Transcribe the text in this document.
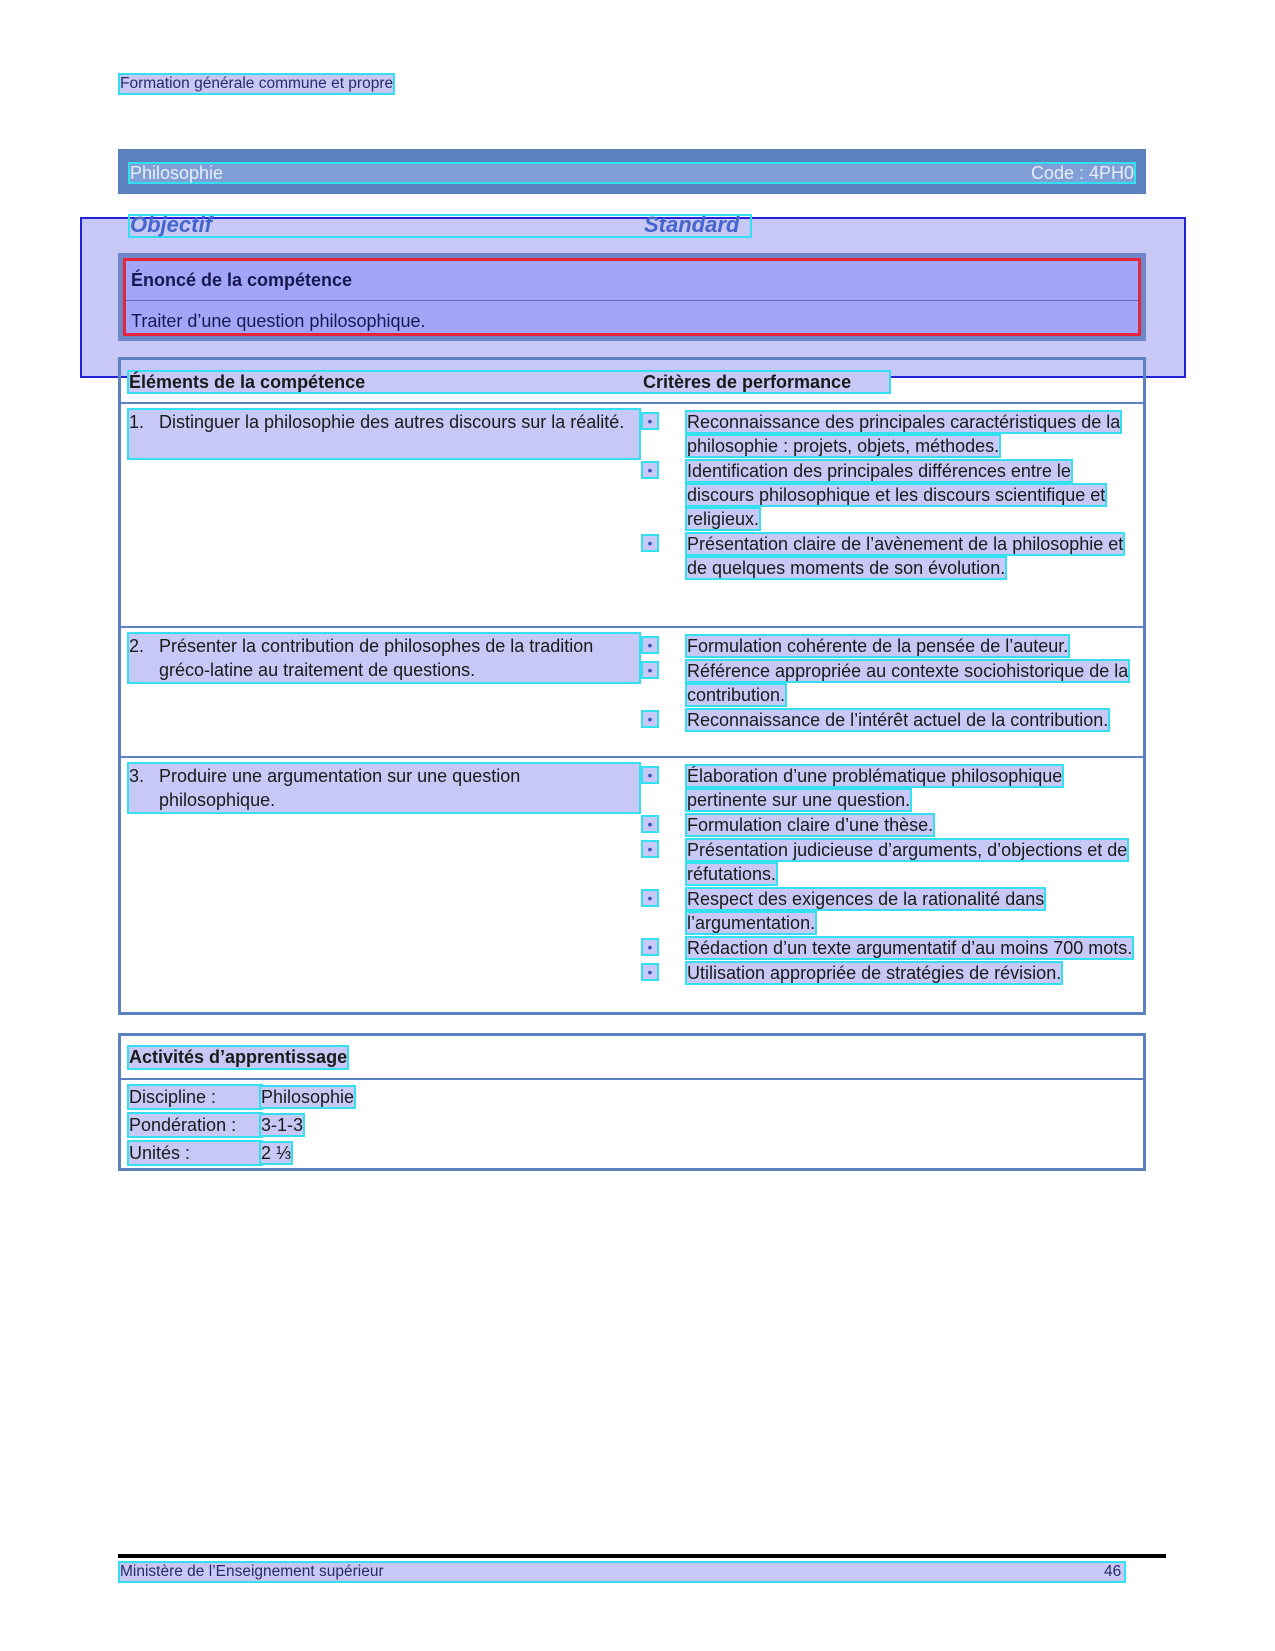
Formation générale commune et propre
Philosophie	Code : 4PH0
Objectif	Standard
Énoncé de la compétence
Traiter d’une question philosophique.
Éléments de la compétence	Critères de performance
1. Distinguer la philosophie des autres discours sur la réalité.	• Reconnaissance des principales caractéristiques de la philosophie : projets, objets, méthodes.
• Identification des principales différences entre le discours philosophique et les discours scientifique et religieux.
• Présentation claire de l’avènement de la philosophie et de quelques moments de son évolution.
2. Présenter la contribution de philosophes de la tradition gréco-latine au traitement de questions.
• Formulation cohérente de la pensée de l’auteur.
• Référence appropriée au contexte sociohistorique de la contribution.
• Reconnaissance de l’intérêt actuel de la contribution.
3. Produire une argumentation sur une question philosophique.
• Élaboration d’une problématique philosophique pertinente sur une question.
• Formulation claire d’une thèse.
• Présentation judicieuse d’arguments, d’objections et de réfutations.
• Respect des exigences de la rationalité dans l’argumentation.
• Rédaction d’un texte argumentatif d’au moins 700 mots.
• Utilisation appropriée de stratégies de révision.
Activités d’apprentissage
Discipline : Philosophie
Pondération : 3-1-3
Unités :	2 ⅓
Ministère de l’Enseignement supérieur	46
